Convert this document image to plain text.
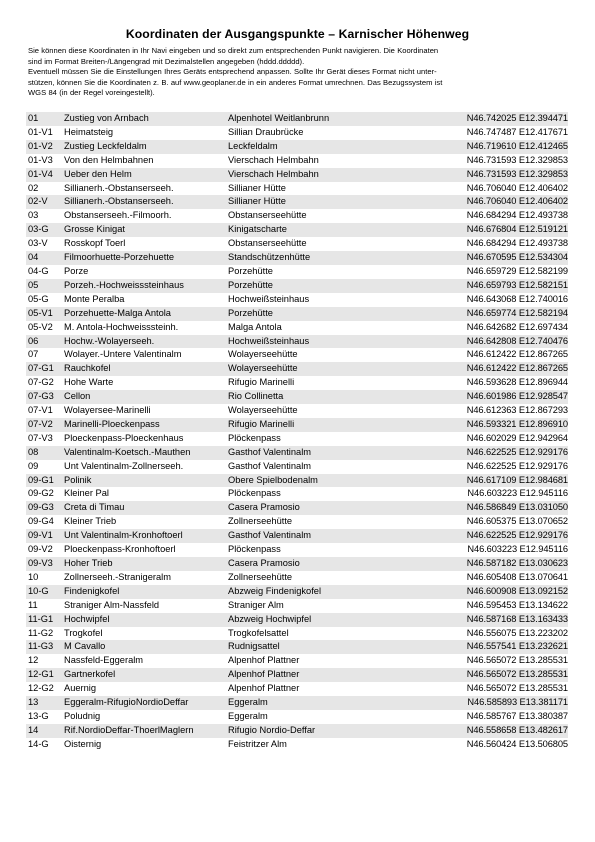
Koordinaten der Ausgangspunkte – Karnischer Höhenweg

Sie können diese Koordinaten in Ihr Navi eingeben und so direkt zum entsprechenden Punkt navigieren. Die Koordinaten
sind im Format Breiten-/Längengrad mit Dezimalstellen angegeben (hddd.ddddd).

Eventuell müssen Sie die Einstellungen Ihres Geräts entsprechend anpassen. Sollte Ihr Gerät dieses Format nicht unter-
stützen, können Sie die Koordinaten z. B. auf www.geoplaner.de in ein anderes Format umrechnen. Das Bezugssystem ist
WGS 84 (in der Regel voreingestellt).

01	Zustieg von Arnbach	Alpenhotel Weitlanbrunn	N46.742025 E12.394471
01-V1	Heimatsteig	Sillian Draubrücke	N46.747487 E12.417671
01-V2	Zustieg Leckfeldalm	Leckfeldalm	N46.719610 E12.412465
01-V3	Von den Helmbahnen	Vierschach Helmbahn	N46.731593 E12.329853
01-V4	Ueber den Helm	Vierschach Helmbahn	N46.731593 E12.329853
02	Sillianerh.-Obstanserseeh.	Sillianer Hütte	N46.706040 E12.406402
02-V	Sillianerh.-Obstanserseeh.	Sillianer Hütte	N46.706040 E12.406402
03	Obstanserseeh.-Filmoorh.	Obstanserseehütte	N46.684294 E12.493738
03-G	Grosse Kinigat	Kinigatscharte	N46.676804 E12.519121
03-V	Rosskopf Toerl	Obstanserseehütte	N46.684294 E12.493738
04	Filmoorhuette-Porzehuette	Standschützenhütte	N46.670595 E12.534304
04-G	Porze	Porzehütte	N46.659729 E12.582199
05	Porzeh.-Hochweisssteinhaus	Porzehütte	N46.659793 E12.582151
05-G	Monte Peralba	Hochweißsteinhaus	N46.643068 E12.740016
05-V1	Porzehuette-Malga Antola	Porzehütte	N46.659774 E12.582194
05-V2	M. Antola-Hochweisssteinh.	Malga Antola	N46.642682 E12.697434
06	Hochw.-Wolayerseeh.	Hochweißsteinhaus	N46.642808 E12.740476
07	Wolayer.-Untere Valentinalm	Wolayerseehütte	N46.612422 E12.867265
07-G1	Rauchkofel	Wolayerseehütte	N46.612422 E12.867265
07-G2	Hohe Warte	Rifugio Marinelli	N46.593628 E12.896944
07-G3	Cellon	Rio Collinetta	N46.601986 E12.928547
07-V1	Wolayersee-Marinelli	Wolayerseehütte	N46.612363 E12.867293
07-V2	Marinelli-Ploeckenpass	Rifugio Marinelli	N46.593321 E12.896910
07-V3	Ploeckenpass-Ploeckenhaus	Plöckenpass	N46.602029 E12.942964
08	Valentinalm-Koetsch.-Mauthen	Gasthof Valentinalm	N46.622525 E12.929176
09	Unt Valentinalm-Zollnerseeh.	Gasthof Valentinalm	N46.622525 E12.929176
09-G1	Polinik	Obere Spielbodenalm	N46.617109 E12.984681
09-G2	Kleiner Pal	Plöckenpass	N46.603223 E12.945116
09-G3	Creta di Timau	Casera Pramosio	N46.586849 E13.031050
09-G4	Kleiner Trieb	Zollnerseehütte	N46.605375 E13.070652
09-V1	Unt Valentinalm-Kronhoftoerl	Gasthof Valentinalm	N46.622525 E12.929176
09-V2	Ploeckenpass-Kronhoftoerl	Plöckenpass	N46.603223 E12.945116
09-V3	Hoher Trieb	Casera Pramosio	N46.587182 E13.030623
10	Zollnerseeh.-Stranigeralm	Zollnerseehütte	N46.605408 E13.070641
10-G	Findenigkofel	Abzweig Findenigkofel	N46.600908 E13.092152
11	Straniger Alm-Nassfeld	Straniger Alm	N46.595453 E13.134622
11-G1	Hochwipfel	Abzweig Hochwipfel	N46.587168 E13.163433
11-G2	Trogkofel	Trogkofelsattel	N46.556075 E13.223202
11-G3	M Cavallo	Rudnigsattel	N46.557541 E13.232621
12	Nassfeld-Eggeralm	Alpenhof Plattner	N46.565072 E13.285531
12-G1	Gartnerkofel	Alpenhof Plattner	N46.565072 E13.285531
12-G2	Auernig	Alpenhof Plattner	N46.565072 E13.285531
13	Eggeralm-RifugioNordioDeffar	Eggeralm	N46.585893 E13.381171
13-G	Poludnig	Eggeralm	N46.585767 E13.380387
14	Rif.NordioDeffar-ThoerlMaglern	Rifugio Nordio-Deffar	N46.558658 E13.482617
14-G	Oisternig	Feistritzer Alm	N46.560424 E13.506805
